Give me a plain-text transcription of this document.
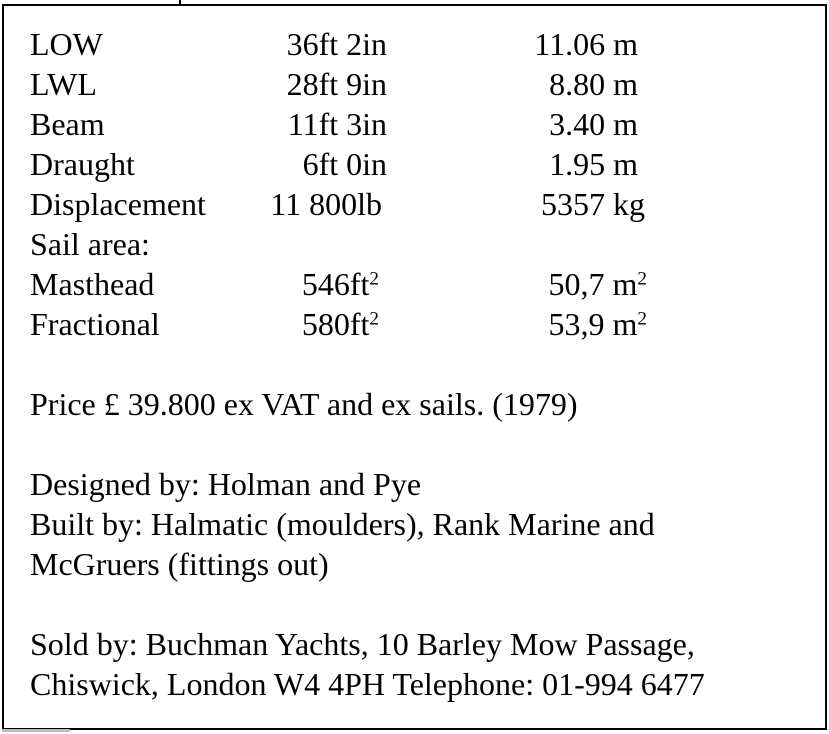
LOW	36ft 2in	11.06 m
LWL	28ft 9in	8.80 m
Beam	11ft 3in	3.40 m
Draught	6ft 0in	1.95 m
Displacement 11 800lb	5357 kg
Sail area:
Masthead	$546ft^2$	50,7 $m^2$
Fractional	$580ft^2$	53,9 $m^2$
Price £ 39.800 ex VAT and ex sails. (1979)
Designed by: Holman and Pye
Built by: Halmatic (moulders), Rank Marine and
McGruers (fittings out)
Sold by: Buchman Yachts, 10 Barley Mow Passage,
Chiswick, London W4 4PH Telephone: 01-994 6477
